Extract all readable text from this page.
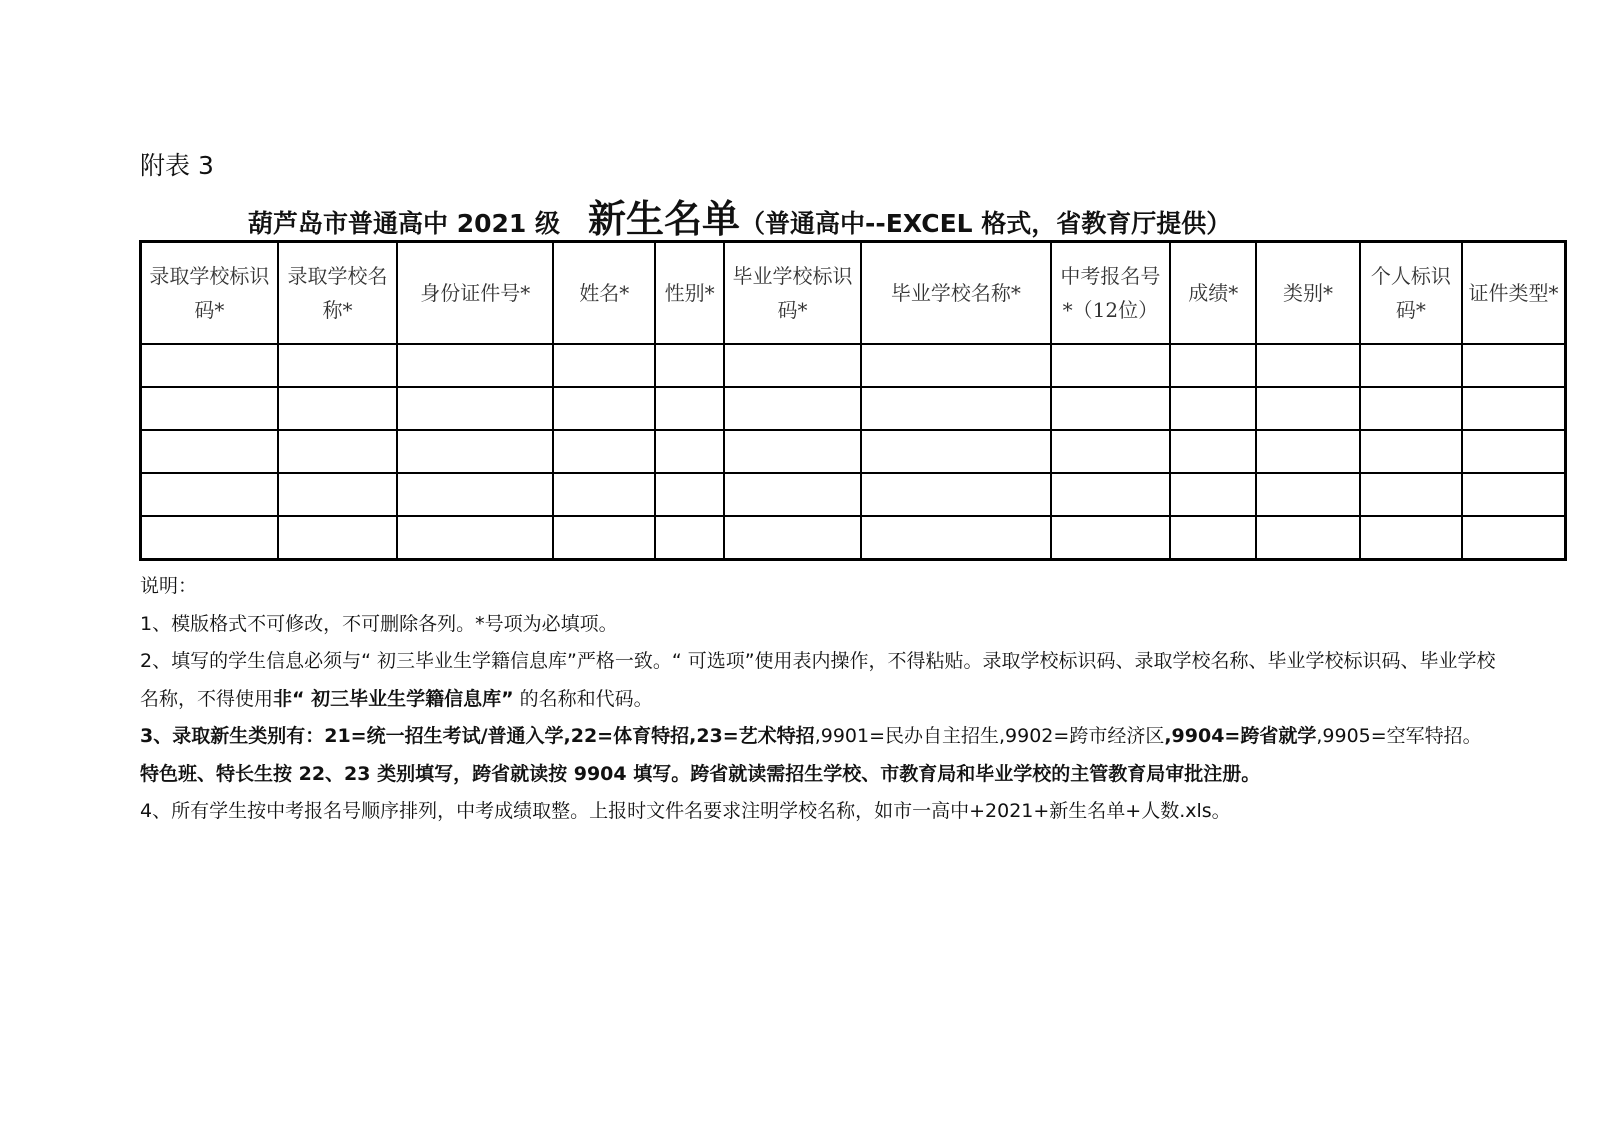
附表 3
葫芦岛市普通高中 2021 级 新生名单（普通高中--EXCEL 格式，省教育厅提供）
录取学校标识码*	录取学校名称*	身份证件号*	姓名*	性别*	毕业学校标识码*	毕业学校名称*	中考报名号*（12位）	成绩*	类别*	个人标识码*	证件类型*

说明：

1、模版格式不可修改，不可删除各列。*号项为必填项。

2、填写的学生信息必须与“ 初三毕业生学籍信息库”严格一致。“ 可选项”使用表内操作，不得粘贴。录取学校标识码、录取学校名称、毕业学校标识码、毕业学校名称，不得使用非“ 初三毕业生学籍信息库” 的名称和代码。

3、录取新生类别有：21=统一招生考试/普通入学,22=体育特招,23=艺术特招,9901=民办自主招生,9902=跨市经济区,9904=跨省就学,9905=空军特招。特色班、特长生按 22、23 类别填写，跨省就读按 9904 填写。跨省就读需招生学校、市教育局和毕业学校的主管教育局审批注册。

4、所有学生按中考报名号顺序排列，中考成绩取整。上报时文件名要求注明学校名称，如市一高中+2021+新生名单+人数.xls。
